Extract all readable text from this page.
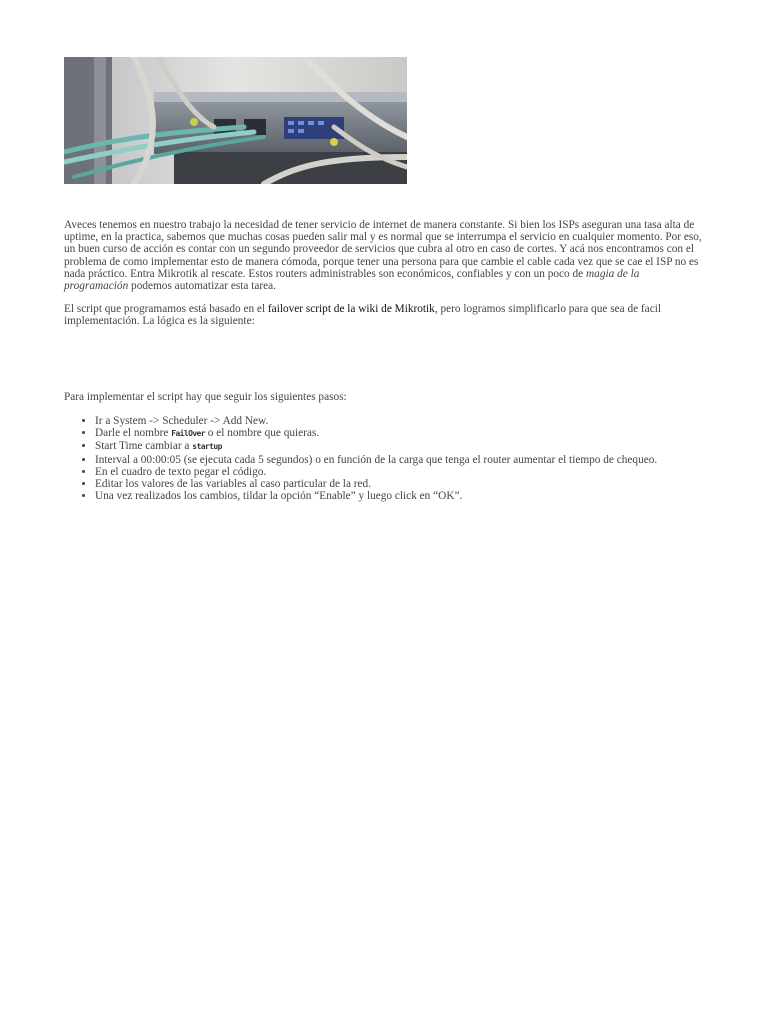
Aveces tenemos en nuestro trabajo la necesidad de tener servicio de internet de manera constante. Si bien los ISPs aseguran una tasa alta de uptime, en la practica, sabemos que muchas cosas pueden salir mal y es normal que se interrumpa el servicio en cualquier momento. Por eso, un buen curso de acción es contar con un segundo proveedor de servicios que cubra al otro en caso de cortes. Y acá nos encontramos con el problema de como implementar esto de manera cómoda, porque tener una persona para que cambie el cable cada vez que se cae el ISP no es nada práctico. Entra Mikrotik al rescate. Estos routers administrables son económicos, confiables y con un poco de magia de la programación podemos automatizar esta tarea.
El script que programamos está basado en el failover script de la wiki de Mikrotik, pero logramos simplificarlo para que sea de facil implementación. La lógica es la siguiente:
Para implementar el script hay que seguir los siguientes pasos:
• Ir a System -> Scheduler -> Add New.
• Darle el nombre FailOver o el nombre que quieras.
• Start Time cambiar a startup
• Interval a 00:00:05 (se ejecuta cada 5 segundos) o en función de la carga que tenga el router aumentar el tiempo de chequeo.
• En el cuadro de texto pegar el código.
• Editar los valores de las variables al caso particular de la red.
• Una vez realizados los cambios, tildar la opción “Enable” y luego click en “OK”.
